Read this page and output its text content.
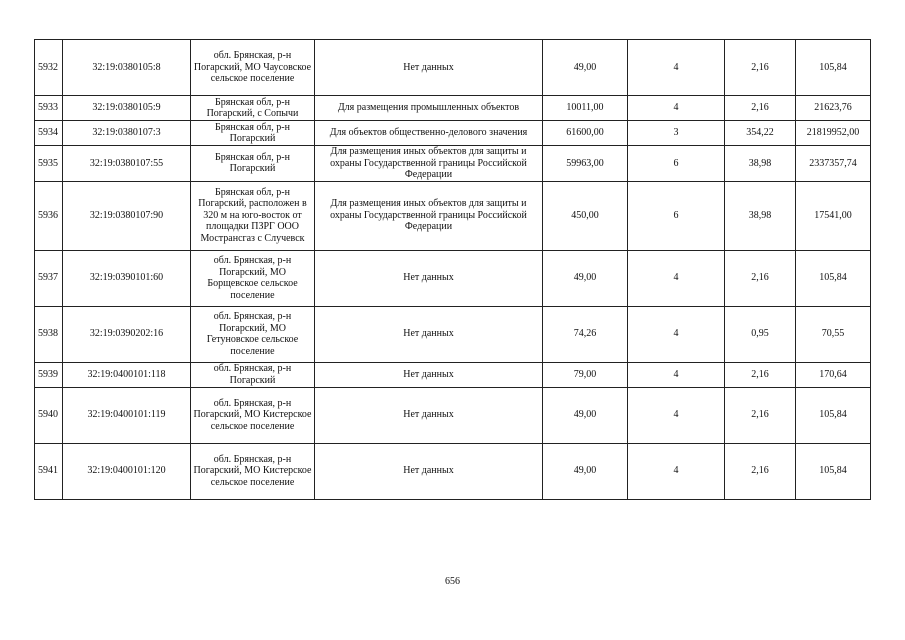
5932	32:19:0380105:8	обл. Брянская, р-н Погарский, МО Чаусовское сельское поселение	Нет данных	49,00	4	2,16	105,84
5933	32:19:0380105:9	Брянская обл, р-н Погарский, с Сопычи	Для размещения промышленных объектов	10011,00	4	2,16	21623,76
5934	32:19:0380107:3	Брянская обл, р-н Погарский	Для объектов общественно-делового значения	61600,00	3	354,22	21819952,00
5935	32:19:0380107:55	Брянская обл, р-н Погарский	Для размещения иных объектов для защиты и охраны Государственной границы Российской Федерации	59963,00	6	38,98	2337357,74
5936	32:19:0380107:90	Брянская обл, р-н Погарский, расположен в 320 м на юго-восток от площадки ПЗРГ ООО Мострансгаз с Случевск	Для размещения иных объектов для защиты и охраны Государственной границы Российской Федерации	450,00	6	38,98	17541,00
5937	32:19:0390101:60	обл. Брянская, р-н Погарский, МО Борщевское сельское поселение	Нет данных	49,00	4	2,16	105,84
5938	32:19:0390202:16	обл. Брянская, р-н Погарский, МО Гетуновское сельское поселение	Нет данных	74,26	4	0,95	70,55
5939	32:19:0400101:118	обл. Брянская, р-н Погарский	Нет данных	79,00	4	2,16	170,64
5940	32:19:0400101:119	обл. Брянская, р-н Погарский, МО Кистерское сельское поселение	Нет данных	49,00	4	2,16	105,84
5941	32:19:0400101:120	обл. Брянская, р-н Погарский, МО Кистерское сельское поселение	Нет данных	49,00	4	2,16	105,84
656
